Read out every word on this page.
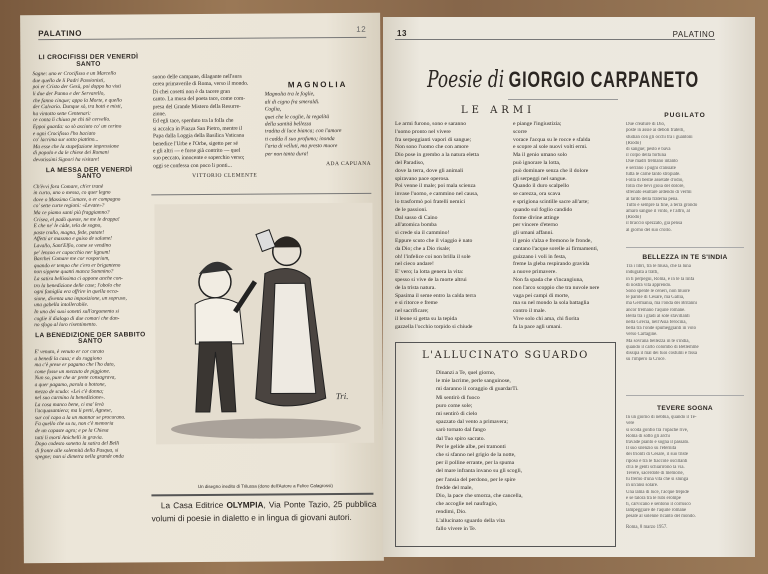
PALATINO	12
LI CROCIFISSI DER VENERDÌ SANTO
Sagne: uno er Crocifisso e un Marcello
due quello de li Padri Passionisti,
poi er Cristo der Gesù, poi doppo ha visti
li due der Panno e der Servarello,
che fanno cinque; appo la Morte, e quello
der Calvario. Dunque sò, tra botti e misti,
ha vintotto sette Centenari:
ce conta li chiuso pe chi tiè cervello.
Eppoi guarda: so sò asciuto co' un cerino
e ogni Crocifisso l'ho baciato
co' lacrima sur sotto piattino...
Ma esse che la stupefazione impressione
di popolo e da le chiese dei Romani
devotissimi Signori ha visitare!
LA MESSA DER VENERDÌ SANTO
Ch'èvvi fora Comare, ch'er tranè
in curto, uno o messa, co quer legno
dove o Massimo Comare, o er compagno
co' sette curte regioni: «Levate»?
Ma ce piamo santi più fraggiamno?
Crisea, el padò queste, ne me le drappa!
E che ne' le càde, tela de sogno,
paste trullo, magna, fede, patate!
Affetti ar massmo e guiso de salume!
Lavallo, Sant'Elfio, come se vendino
pe' lenzoo er capocchio ner lignum!
Barchei Comare me cor vosporium,
quando er tempo che c'ero er briganteno
non sippene quanti manca Sommino?
La satira bellissima ci oppone anche con-
tro la benedizione delle case; l'obolo che
ogni famiglia era offrire in quella occa-
sione, diventa una imposizione, un sopruso,
una gabella intollerabile.
In uno dei suoi sonetti sull'argomento si
coglie il dialogo di due comari che dan-
no sfogo al loro risentimento.
LA BENEDIZIONE DER SABBITO SANTO
E' venuto, è venuto er cor curato
a benedì la casa; e do ruggiono
ma c'è prese er pagamo che l'ho dato,
come fosse un mezzuto de piggione.
Nun so, pure che ar prete consagrava,
a quer pagamo, parola o bottone,
mezzo de scudo: «Lei c'è donna;
nel suo carmino la benedizione».
La cosa manco bene, ci ma' levà
l'acquasantiera; ma li preti, Agnese,
sur col capo a la un mannar se procurano.
Fa quello che su tu, non c'è memoria
de un capaste agro; e pe la Chiesa
tutti li morti Anichelli in gravia.
Dopo codesto sonetto la satira del Belli
di fronte alle solennità della Pasqua, si
spegne; non si dimetra nella grande onda
suono delle campane, dilagante nell'aura
cerea primaverile di Roma, verso il mondo.
Di chei cosetti non è da tacere gran
canto. La musa del poeta tace, come com-
presa del Grande Mistero della Resurre-
zione.
Ed egli tace, sperduto tra la folla che
si accalca in Piazza San Pietro, mentre il
Papa dalla Loggia della Basilica Vaticana
benedice l'Urbe e l'Orbe, sigetto per sé
e gli altri — e forse già contrito — quel
suo peccato, innocente e soperchio verso;
oggi se confessa con poco li ponti...
VITTORIO CLEMENTE
MAGNOLIA
Magnolia tra le foglie,
ali di cigno fra smeraldi.
Coglia,
quei che le coglie, la regalità
della santità bellezza
tradita di luce bianca; con l'amore
ti cadda il suo profumo; inonda
l'aria di velluti, ma presto muore
per non tanta dura!
ADA CAPUANA
Tri.
Un disegno inedito di Trilussa (dono dell'Autore a Felice Calagrossi)
La Casa Editrice OLYMPIA, Via Ponte Tazio, 25 pubblica volumi di poesie in dialetto e in lingua di giovani autori.
13	PALATINO
Poesie di GIORGIO CARPANETO
LE ARMI
Le armi furono, sono e saranno
l'uomo pronto nel vivere
fra serpeggianti vapori di sangue;
Non sono l'uomo che con amore
Dio pose in grembo a la natura eletta
del Paradiso,
dove la terra, dove gli animali
spiravano pace operosa.
Poi venne il male; poi mala scienza
invase l'uomo, e cammino nel causa,
lo trasformò poi fratelli nemici
de le passioni.
Dal sasso di Caino
all'atomica bomba
si crede sia il cammino!
Eppure scuto che il viaggio è nato
da Dio; che a Dio risale;
oh! l'infelice coi non brilla il sole
nel cieco andare!
E' vero; la lotta genera la vita:
spesso si vive de la morte altrui
de la trista natura.
Spasima il seme entro la calda terra
e si ritorce e freme
nel sacrificare;
il leone si getta su la tepida
gazzella l'occhio torpido si chiude
e piange l'ingiustizia;
scorre
vorace l'acqua su le rocce e sfalda
e scopre al sole nuovi volti ermi.
Ma il genio umano solo
può ignorare la lotta,
può dominare senza che il dolore
gli serpeggi nel sangue.
Quando il duro scalpello
se carezza, ora scava
e sprigiona scintille sacre all'arte;
quando sul foglio candido
forme divine attinge
per vincere d'eterno
gli umani affanni.
il genio s'alza e fremono le fronde,
cantano l'acque sorelle ai firmamenti,
guizzano i voli in festa,
freme la gleba respirando gravida
a nuove primavere.
Non fa spada che s'incangiuna,
non l'arco scoppio che tra nuvole nere
vaga pei campi di morte,
ma su nel mondo la sola battaglia
contro il male.
Vive solo chi ama, chi fiorita
fa la pace agli umani.
L'ALLUCINATO SGUARDO
Dinanzi a Te, quel giorno,
le mie lacrime, perle sanguinose,
mi daranno il coraggio di guardarTi.
Mi sentirò di fuoco
puro come sole;
mi sentirò di cielo
spazzato dal vento a primavera;
sarò tornato dal fango
dal Tuo spiro sacrato.
Per le gelide albe, pei tramonti
che si sfanno nel grigio de la notte,
per il polline errante, per la spuma
del mare infranta invano su gli scogli,
per l'ansia del perdono, per le spire
fredde del male,
Dio, la pace che smorza, che cancella,
che accoglie nel naufragio,
rendimi, Dio.
L'allucinato sguardo della vita
fallo vivere in Te.
PUGILATO
Due creature di Dio,
poste in assie ai deboli fratelli,
studian con gli occhi tra i guantoni
(Riodo)
di sangue; pesto e bava
il colpo della fortuna
Due madri tremano intanto
e serrano i pugni d'ansiate
tutta le carne tanto stropiate.
Folla di bestie assetate d'odio,
folla che bevi gioia del dolore,
sfrenato esultare ardendo di vermi
al tardo della fraterna pena.
Tutto è sempre la fine, a terra grondo
amaro sangue il vinto, e l'altro, al
(Riodo)
il braccio spezzato, già pensa
al giorno del suo crollo.
BELLEZZA IN TE S'INDIA
Tra i libri, tra le musa, che la luna
indugiata a tratti,
in ti perpegui, Roma, e in te la linfa
di nostra vita apprendo.
Sono spente le ceneri, non muore
le parole di Cesare, ma Gallia,
ma Germania, ma l'onda dei Britanni
ancor tremano l'aquile romane.
Bella tra i gladi al sole sfavillanti
nella Grecia, nell'Asia ferocina,
bella tra l'onde spumeggianti in volo
verso Cartagine.
Ma sovrana bellezza in te s'india,
quando il carto colombo di Betlemme
dissipa il mal dei tuoi costumi e fissa
su l'impero la Croce.
TEVERE SOGNA
In un giorno di nebbia, quando il Te-
vere
si scoda gonfio tra l'opache rive,
Roma di sotto gli archi
travade pianto e sogna il passato.
Il suo silenzio su l'eternità
dei trionfi di Cesare, il suo triste
riposo è tra le fiaccole oscillanti
ch'a le genti schiarirono la via.
Tevere, sacerdote di memorie,
tu fremo d'una vita che si slunga
in un'ansi solare.
Una lama di luce, l'acque trepide
e se talora tra le rubi erompe
ti, carvicano e sentono il corrusco
lampeggiare de l'aquile romane
pesate al solenne ricanto del mondo.
Roma, 8 marzo 1957.
